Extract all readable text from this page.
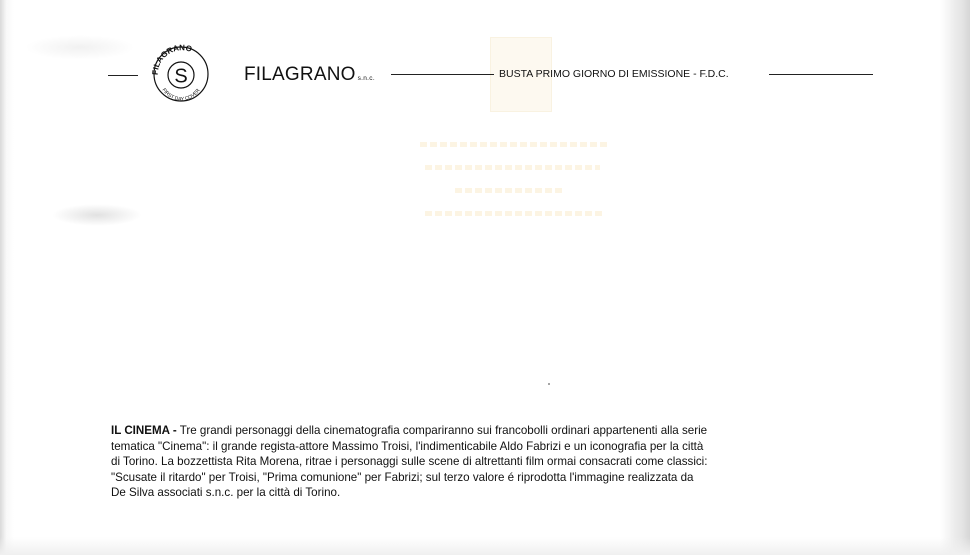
S
FILAGRANO
FIRST DAY COVER
FILAGRANO s.n.c.	BUSTA PRIMO GIORNO DI EMISSIONE - F.D.C.
IL CINEMA - Tre grandi personaggi della cinematografia compariranno sui francobolli ordinari appartenenti alla serie
tematica "Cinema": il grande regista-attore Massimo Troisi, l'indimenticabile Aldo Fabrizi e un iconografia per la città
di Torino. La bozzettista Rita Morena, ritrae i personaggi sulle scene di altrettanti film ormai consacrati come classici:
"Scusate il ritardo" per Troisi, "Prima comunione" per Fabrizi; sul terzo valore é riprodotta l'immagine realizzata da
De Silva associati s.n.c. per la città di Torino.
